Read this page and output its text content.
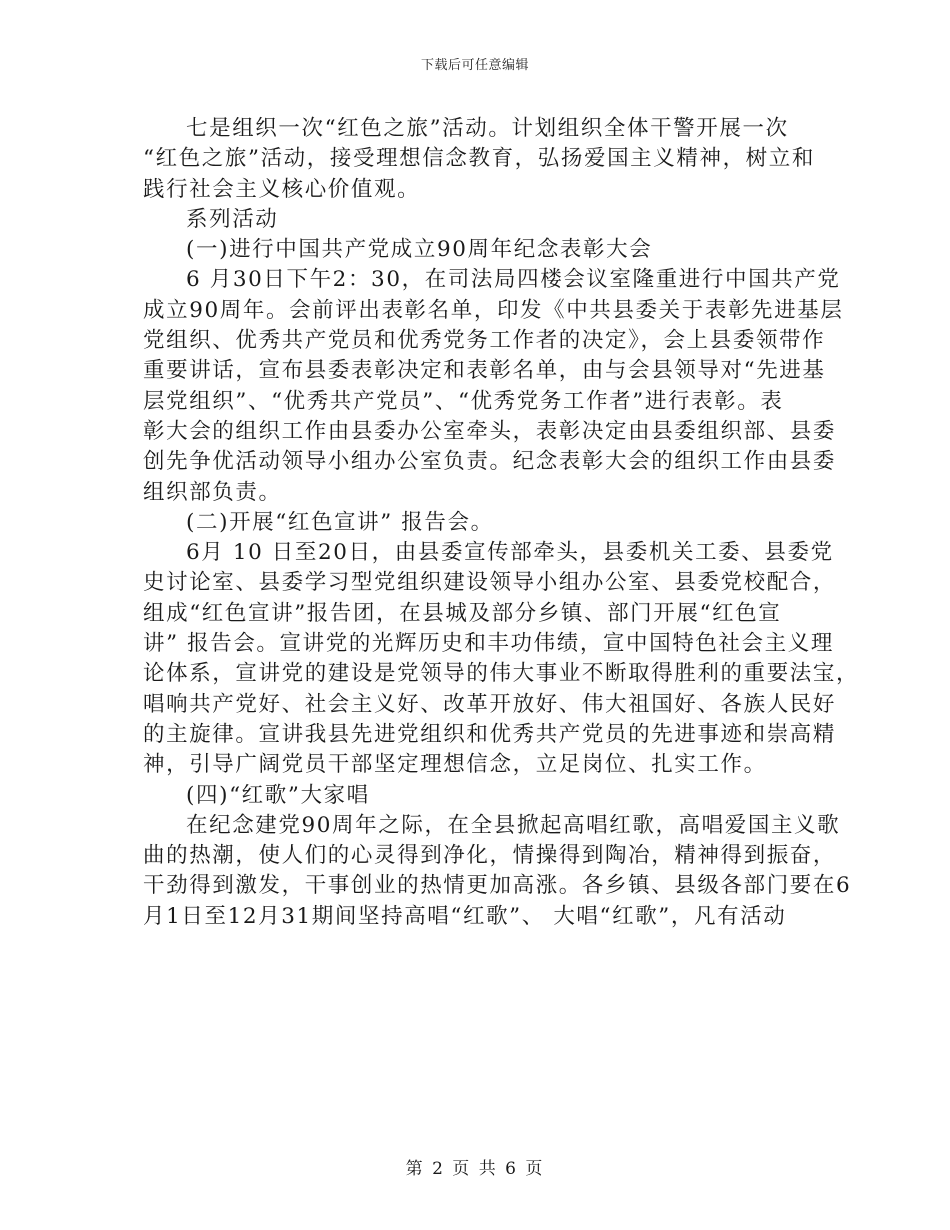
下载后可任意编辑
七是组织一次“红色之旅”活动。计划组织全体干警开展一次
“红色之旅”活动，接受理想信念教育，弘扬爱国主义精神，树立和
践行社会主义核心价值观。
系列活动
(一)进行中国共产党成立90周年纪念表彰大会
6 月30日下午2：30，在司法局四楼会议室隆重进行中国共产党
成立90周年。会前评出表彰名单，印发《中共县委关于表彰先进基层
党组织、优秀共产党员和优秀党务工作者的决定》，会上县委领带作
重要讲话，宣布县委表彰决定和表彰名单，由与会县领导对“先进基
层党组织”、“优秀共产党员”、“优秀党务工作者”进行表彰。表
彰大会的组织工作由县委办公室牵头，表彰决定由县委组织部、县委
创先争优活动领导小组办公室负责。纪念表彰大会的组织工作由县委
组织部负责。
(二)开展“红色宣讲” 报告会。
6月 10 日至20日，由县委宣传部牵头，县委机关工委、县委党
史讨论室、县委学习型党组织建设领导小组办公室、县委党校配合，
组成“红色宣讲”报告团，在县城及部分乡镇、部门开展“红色宣
讲” 报告会。宣讲党的光辉历史和丰功伟绩，宣中国特色社会主义理
论体系，宣讲党的建设是党领导的伟大事业不断取得胜利的重要法宝，
唱响共产党好、社会主义好、改革开放好、伟大祖国好、各族人民好
的主旋律。宣讲我县先进党组织和优秀共产党员的先进事迹和崇高精
神，引导广阔党员干部坚定理想信念，立足岗位、扎实工作。
(四)“红歌”大家唱
在纪念建党90周年之际，在全县掀起高唱红歌，高唱爱国主义歌
曲的热潮，使人们的心灵得到净化，情操得到陶冶，精神得到振奋，
干劲得到激发，干事创业的热情更加高涨。各乡镇、县级各部门要在6
月1日至12月31期间坚持高唱“红歌”、 大唱“红歌”，凡有活动
第 2 页 共 6 页
